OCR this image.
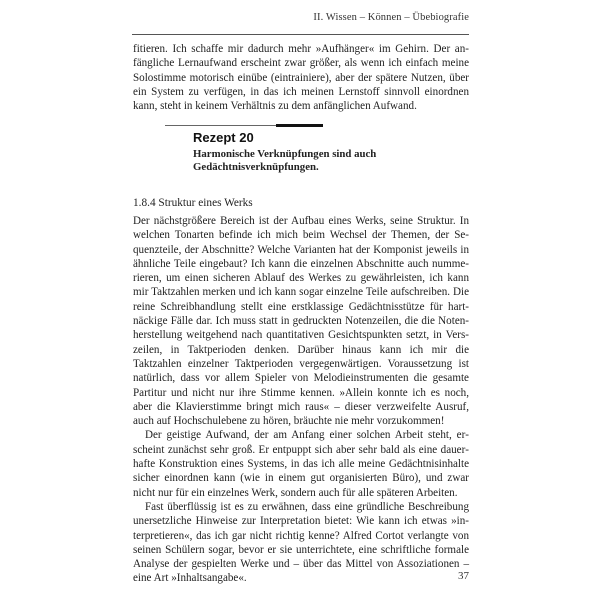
II. Wissen – Können – Übebiografie

fitieren. Ich schaffe mir dadurch mehr »Aufhänger« im Gehirn. Der anfängliche Lernaufwand erscheint zwar größer, als wenn ich einfach meine Solostimme motorisch einübe (eintrainiere), aber der spätere Nutzen, über ein System zu verfügen, in das ich meinen Lernstoff sinnvoll einordnen kann, steht in keinem Verhältnis zu dem anfänglichen Aufwand.

Rezept 20
Harmonische Verknüpfungen sind auch Gedächtnisverknüpfungen.
1.8.4 Struktur eines Werks

Der nächstgrößere Bereich ist der Aufbau eines Werks, seine Struktur. In welchen Tonarten befinde ich mich beim Wechsel der Themen, der Sequenzteile, der Abschnitte? Welche Varianten hat der Komponist jeweils in ähnliche Teile eingebaut? Ich kann die einzelnen Abschnitte auch nummerieren, um einen sicheren Ablauf des Werkes zu gewährleisten, ich kann mir Taktzahlen merken und ich kann sogar einzelne Teile aufschreiben. Die reine Schreibhandlung stellt eine erstklassige Gedächtnisstütze für hartnäckige Fälle dar. Ich muss statt in gedruckten Notenzeilen, die die Notenherstellung weitgehend nach quantitativen Gesichtspunkten setzt, in Verszeilen, in Taktperioden denken. Darüber hinaus kann ich mir die Taktzahlen einzelner Taktperioden vergegenwärtigen. Voraussetzung ist natürlich, dass vor allem Spieler von Melodieinstrumenten die gesamte Partitur und nicht nur ihre Stimme kennen. »Allein konnte ich es noch, aber die Klavierstimme bringt mich raus« – dieser verzweifelte Ausruf, auch auf Hochschulebene zu hören, bräuchte nie mehr vorzukommen!

Der geistige Aufwand, der am Anfang einer solchen Arbeit steht, erscheint zunächst sehr groß. Er entpuppt sich aber sehr bald als eine dauerhafte Konstruktion eines Systems, in das ich alle meine Gedächtnisinhalte sicher einordnen kann (wie in einem gut organisierten Büro), und zwar nicht nur für ein einzelnes Werk, sondern auch für alle späteren Arbeiten.

Fast überflüssig ist es zu erwähnen, dass eine gründliche Beschreibung unersetzliche Hinweise zur Interpretation bietet: Wie kann ich etwas »interpretieren«, das ich gar nicht richtig kenne? Alfred Cortot verlangte von seinen Schülern sogar, bevor er sie unterrichtete, eine schriftliche formale Analyse der gespielten Werke und – über das Mittel von Assoziationen – eine Art »Inhaltsangabe«.	37
